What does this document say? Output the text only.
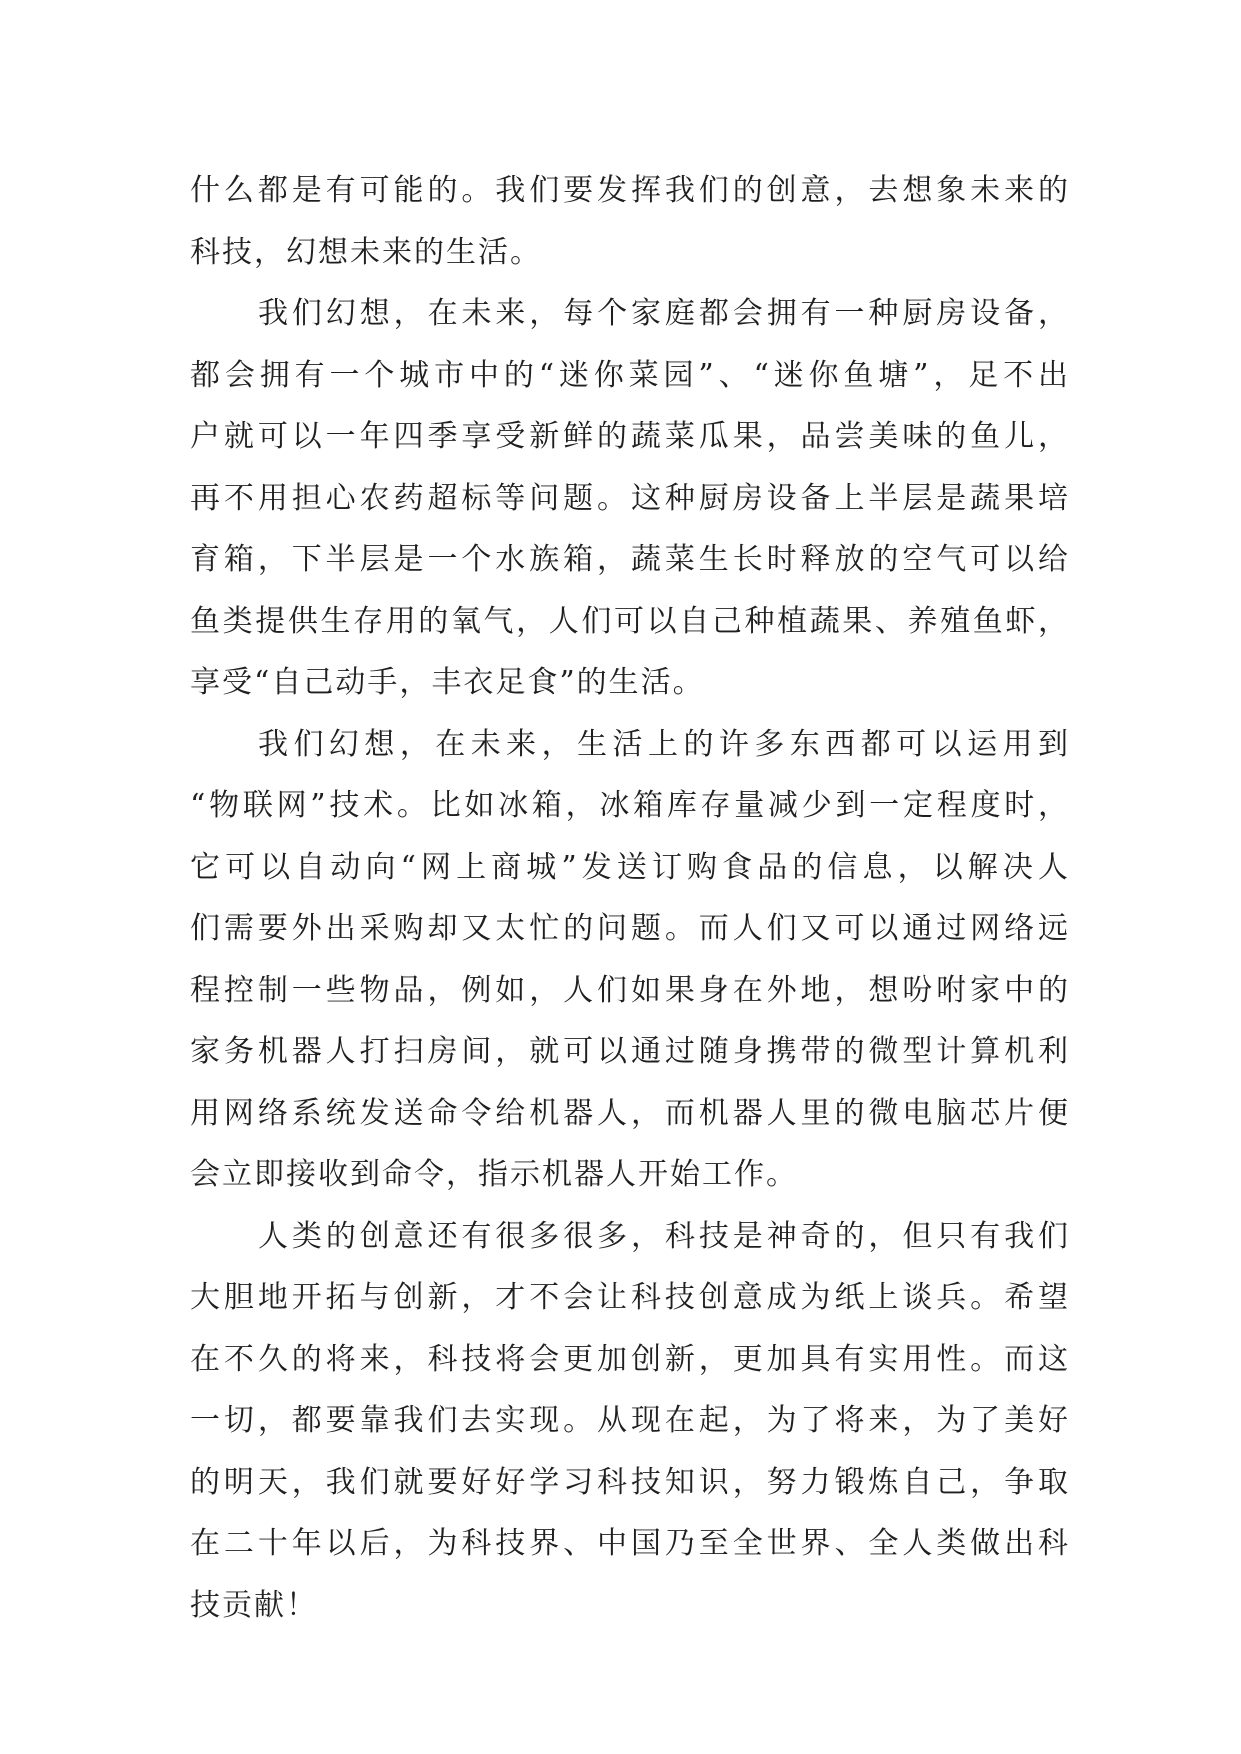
什么都是有可能的。我们要发挥我们的创意，去想象未来的
科技，幻想未来的生活。
我们幻想，在未来，每个家庭都会拥有一种厨房设备，
都会拥有一个城市中的“迷你菜园”、“迷你鱼塘”，足不出
户就可以一年四季享受新鲜的蔬菜瓜果，品尝美味的鱼儿，
再不用担心农药超标等问题。这种厨房设备上半层是蔬果培
育箱，下半层是一个水族箱，蔬菜生长时释放的空气可以给
鱼类提供生存用的氧气，人们可以自己种植蔬果、养殖鱼虾，
享受“自己动手，丰衣足食”的生活。
我们幻想，在未来，生活上的许多东西都可以运用到
“物联网”技术。比如冰箱，冰箱库存量减少到一定程度时，
它可以自动向“网上商城”发送订购食品的信息，以解决人
们需要外出采购却又太忙的问题。而人们又可以通过网络远
程控制一些物品，例如，人们如果身在外地，想吩咐家中的
家务机器人打扫房间，就可以通过随身携带的微型计算机利
用网络系统发送命令给机器人，而机器人里的微电脑芯片便
会立即接收到命令，指示机器人开始工作。
人类的创意还有很多很多，科技是神奇的，但只有我们
大胆地开拓与创新，才不会让科技创意成为纸上谈兵。希望
在不久的将来，科技将会更加创新，更加具有实用性。而这
一切，都要靠我们去实现。从现在起，为了将来，为了美好
的明天，我们就要好好学习科技知识，努力锻炼自己，争取
在二十年以后，为科技界、中国乃至全世界、全人类做出科
技贡献！
